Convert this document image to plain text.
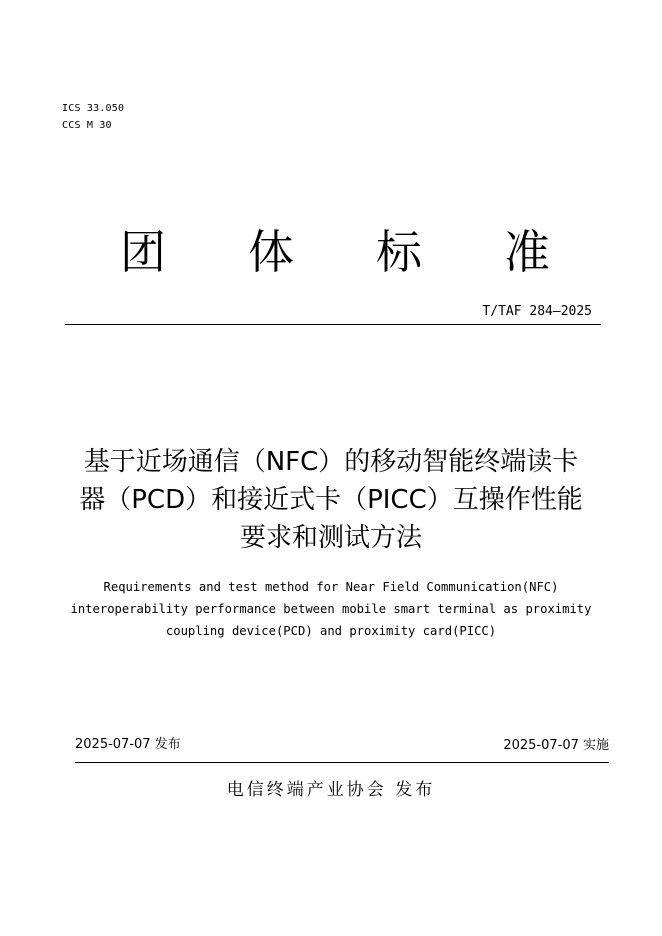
ICS 33.050
CCS M 30
团 体 标 准
T/TAF 284—2025
基于近场通信（NFC）的移动智能终端读卡
器（PCD）和接近式卡（PICC）互操作性能
要求和测试方法
Requirements and test method for Near Field Communication(NFC)
interoperability performance between mobile smart terminal as proximity
coupling device(PCD) and proximity card(PICC)
2025-07-07 发布	2025-07-07 实施
电信终端产业协会 发布
